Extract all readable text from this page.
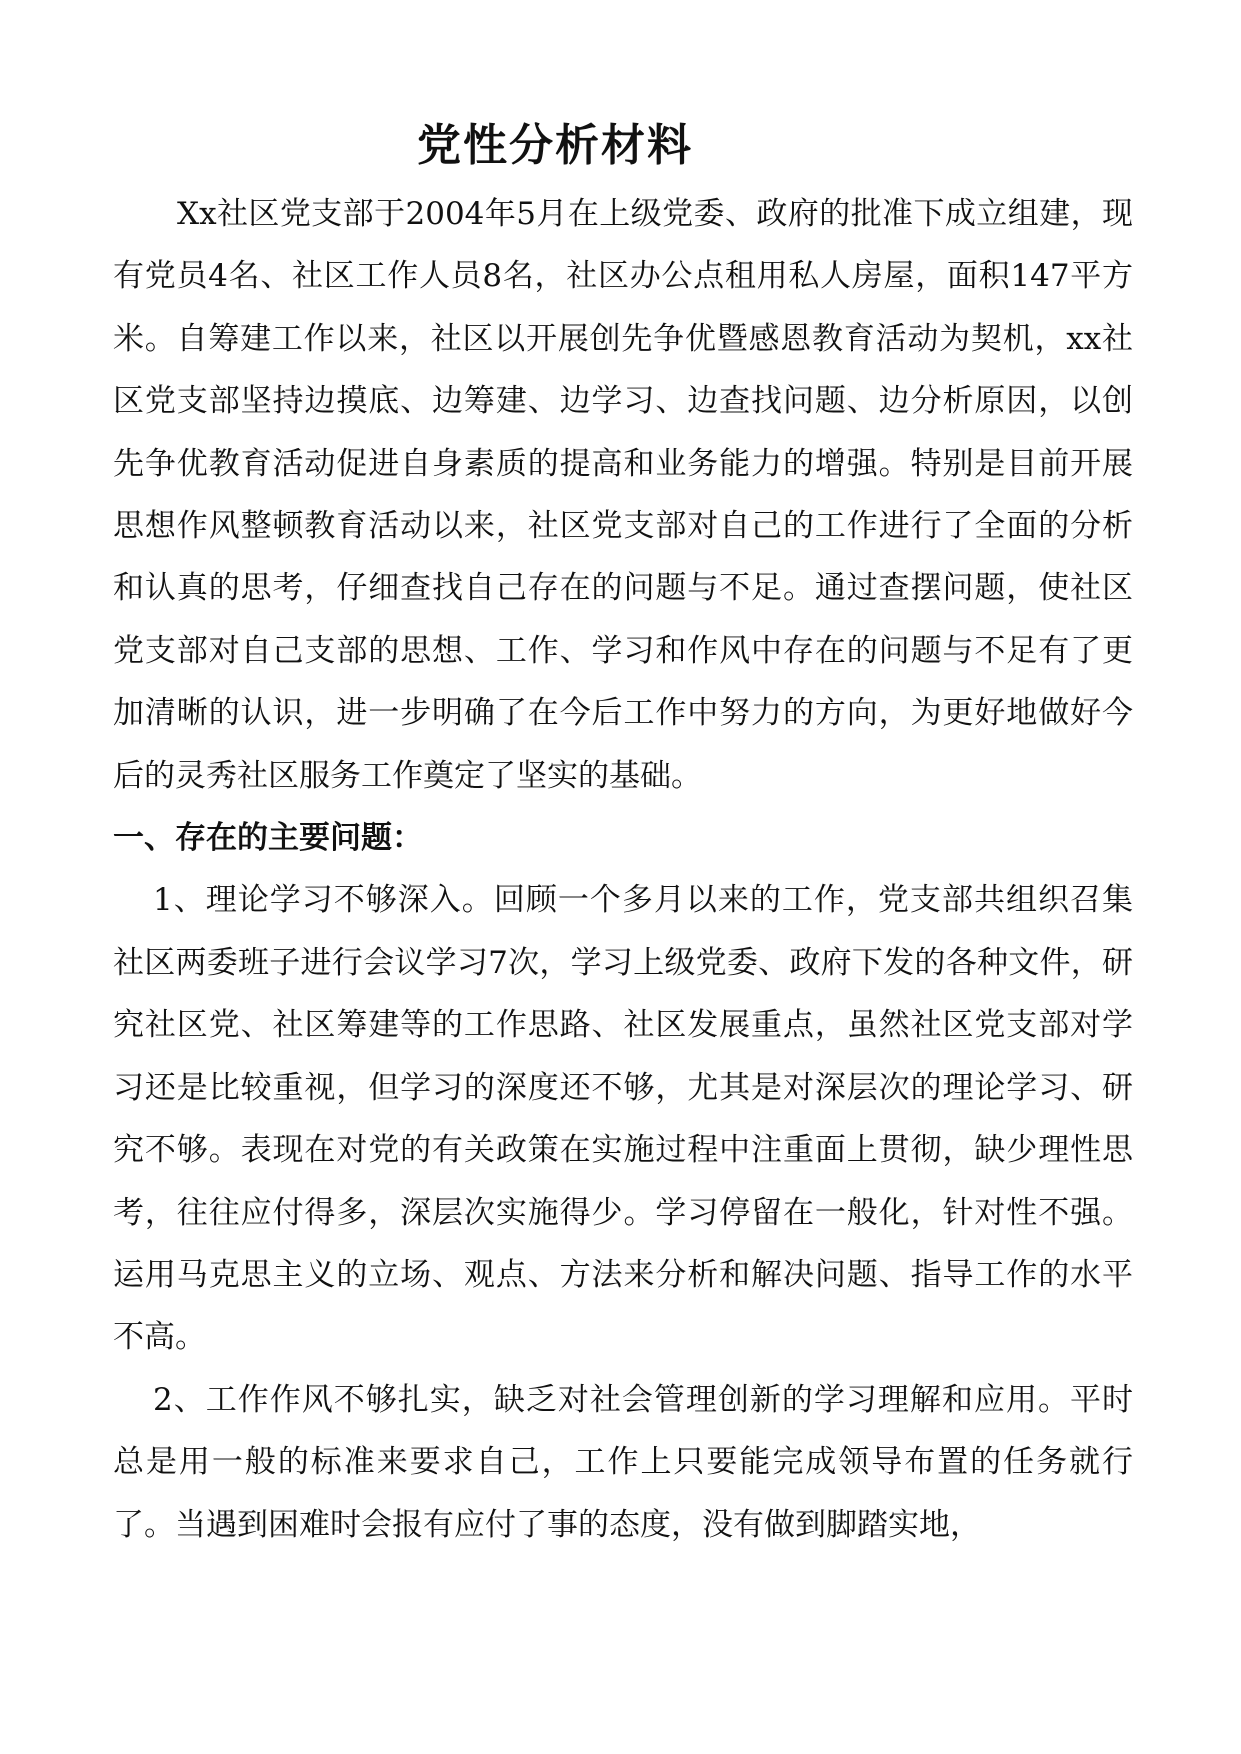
党性分析材料

Xx社区党支部于2004年5月在上级党委、政府的批准下成立组建，现有党员4名、社区工作人员8名，社区办公点租用私人房屋，面积147平方米。自筹建工作以来，社区以开展创先争优暨感恩教育活动为契机，xx社区党支部坚持边摸底、边筹建、边学习、边查找问题、边分析原因，以创先争优教育活动促进自身素质的提高和业务能力的增强。特别是目前开展思想作风整顿教育活动以来，社区党支部对自己的工作进行了全面的分析和认真的思考，仔细查找自己存在的问题与不足。通过查摆问题，使社区党支部对自己支部的思想、工作、学习和作风中存在的问题与不足有了更加清晰的认识，进一步明确了在今后工作中努力的方向，为更好地做好今后的灵秀社区服务工作奠定了坚实的基础。

一、存在的主要问题：

1、理论学习不够深入。回顾一个多月以来的工作，党支部共组织召集社区两委班子进行会议学习7次，学习上级党委、政府下发的各种文件，研究社区党、社区筹建等的工作思路、社区发展重点，虽然社区党支部对学习还是比较重视，但学习的深度还不够，尤其是对深层次的理论学习、研究不够。表现在对党的有关政策在实施过程中注重面上贯彻，缺少理性思考，往往应付得多，深层次实施得少。学习停留在一般化，针对性不强。运用马克思主义的立场、观点、方法来分析和解决问题、指导工作的水平不高。

2、工作作风不够扎实，缺乏对社会管理创新的学习理解和应用。平时总是用一般的标准来要求自己，工作上只要能完成领导布置的任务就行了。当遇到困难时会报有应付了事的态度，没有做到脚踏实地，
